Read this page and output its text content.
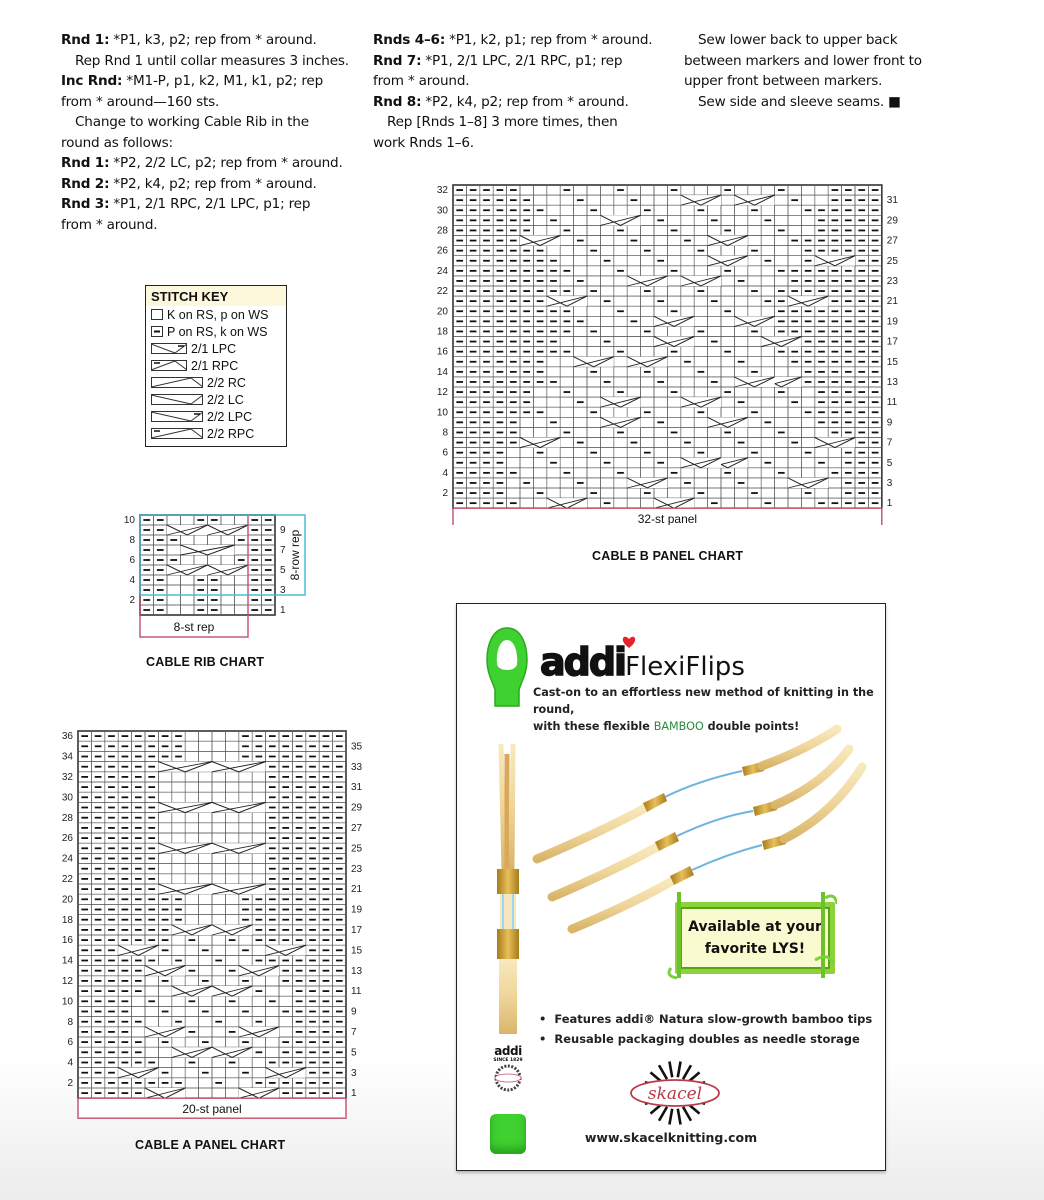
Rnd 1: *P1, k3, p2; rep from * around.

Rep Rnd 1 until collar measures 3 inches.

Inc Rnd: *M1-P, p1, k2, M1, k1, p2; rep

from * around—160 sts.

Change to working Cable Rib in the

round as follows:

Rnd 1: *P2, 2/2 LC, p2; rep from * around.

Rnd 2: *P2, k4, p2; rep from * around.

Rnd 3: *P1, 2/1 RPC, 2/1 LPC, p1; rep

from * around.

Rnds 4–6: *P1, k2, p1; rep from * around.

Rnd 7: *P1, 2/1 LPC, 2/1 RPC, p1; rep

from * around.

Rnd 8: *P2, k4, p2; rep from * around.

Rep [Rnds 1–8] 3 more times, then

work Rnds 1–6.

Sew lower back to upper back

between markers and lower front to

upper front between markers.

Sew side and sleeve seams. ■

STITCH KEY
K on RS, p on WS
P on RS, k on WS
2/1 LPC
2/1 RPC
2/2 RC
2/2 LC
2/2 LPC
2/2 RPC
2
4
6
8
10
12
14
16
18
20
22
24
26
28
30
32
1
3
5
7
9
11
13
15
17
19
21
23
25
27
29
31
32-st panel
CABLE B PANEL CHART
2
4
6
8
10
1
3
5
7
9
8-st rep
8-row rep
CABLE RIB CHART
2
4
6
8
10
12
14
16
18
20
22
24
26
28
30
32
34
36
1
3
5
7
9
11
13
15
17
19
21
23
25
27
29
31
33
35
20-st panel
CABLE A PANEL CHART
addiFlexiFlips
Cast-on to an effortless new method of knitting in the round,
with these flexible BAMBOO double points!
addi
SINCE 1829
Available at your
favorite LYS!
•  Features addi® Natura slow-growth bamboo tips
•  Reusable packaging doubles as needle storage
skacel
www.skacelknitting.com
